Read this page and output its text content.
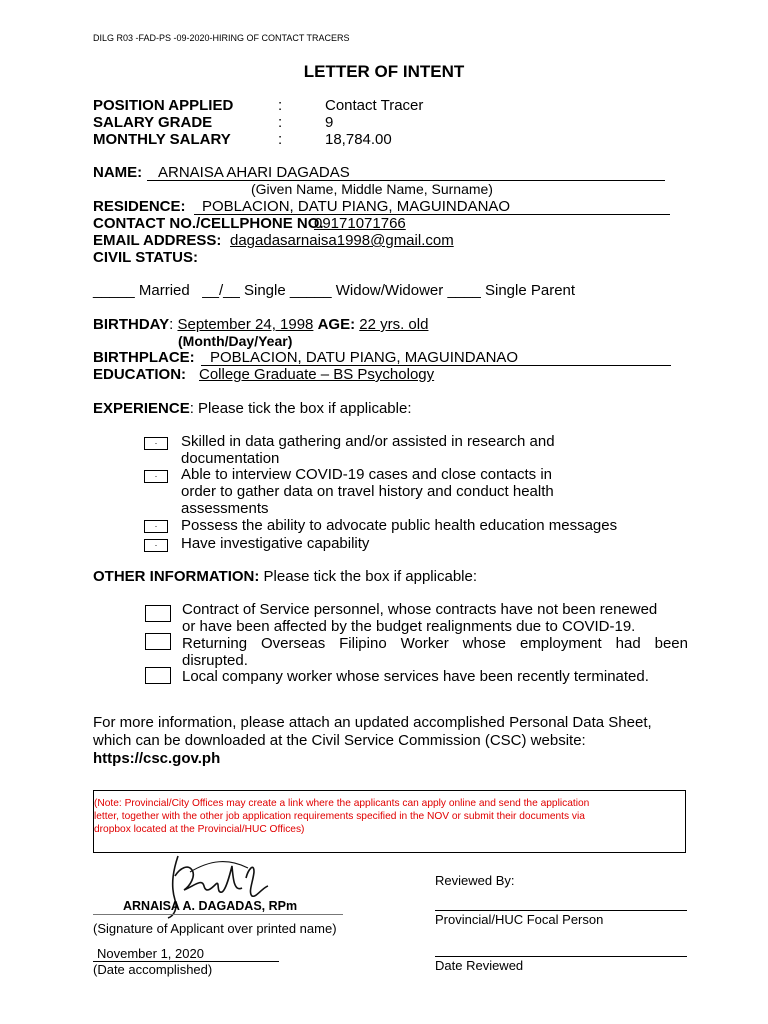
DILG R03 -FAD-PS -09-2020-HIRING OF CONTACT TRACERS
LETTER OF INTENT
POSITION APPLIED	:	Contact Tracer
SALARY GRADE	:	9
MONTHLY SALARY	:	18,784.00
NAME: ARNAISA AHARI DAGADAS
(Given Name, Middle Name, Surname)
RESIDENCE: POBLACION, DATU PIANG, MAGUINDANAO
CONTACT NO./CELLPHONE NO.
09171071766
EMAIL ADDRESS: dagadasarnaisa1998@gmail.com
CIVIL STATUS:
_____ Married __/__ Single _____ Widow/Widower ____ Single Parent
BIRTHDAY: September 24, 1998 AGE: 22 yrs. old
(Month/Day/Year)
BIRTHPLACE: POBLACION, DATU PIANG, MAGUINDANAO
EDUCATION: College Graduate – BS Psychology
EXPERIENCE: Please tick the box if applicable:
·	Skilled in data gathering and/or assisted in research and
documentation
·	Able to interview COVID-19 cases and close contacts in
order to gather data on travel history and conduct health
assessments
·	Possess the ability to advocate public health education messages
·	Have investigative capability
OTHER INFORMATION: Please tick the box if applicable:
Contract of Service personnel, whose contracts have not been renewed
or have been affected by the budget realignments due to COVID-19.
Returning Overseas Filipino Worker whose employment had been
disrupted.
Local company worker whose services have been recently terminated.
For more information, please attach an updated accomplished Personal Data Sheet,
which can be downloaded at the Civil Service Commission (CSC) website:
https://csc.gov.ph
(Note: Provincial/City Offices may create a link where the applicants can apply online and send the application
letter, together with the other job application requirements specified in the NOV or submit their documents via
dropbox located at the Provincial/HUC Offices)
ARNAISA A. DAGADAS, RPm
(Signature of Applicant over printed name)
November 1, 2020
(Date accomplished)
Reviewed By:
Provincial/HUC Focal Person
Date Reviewed
